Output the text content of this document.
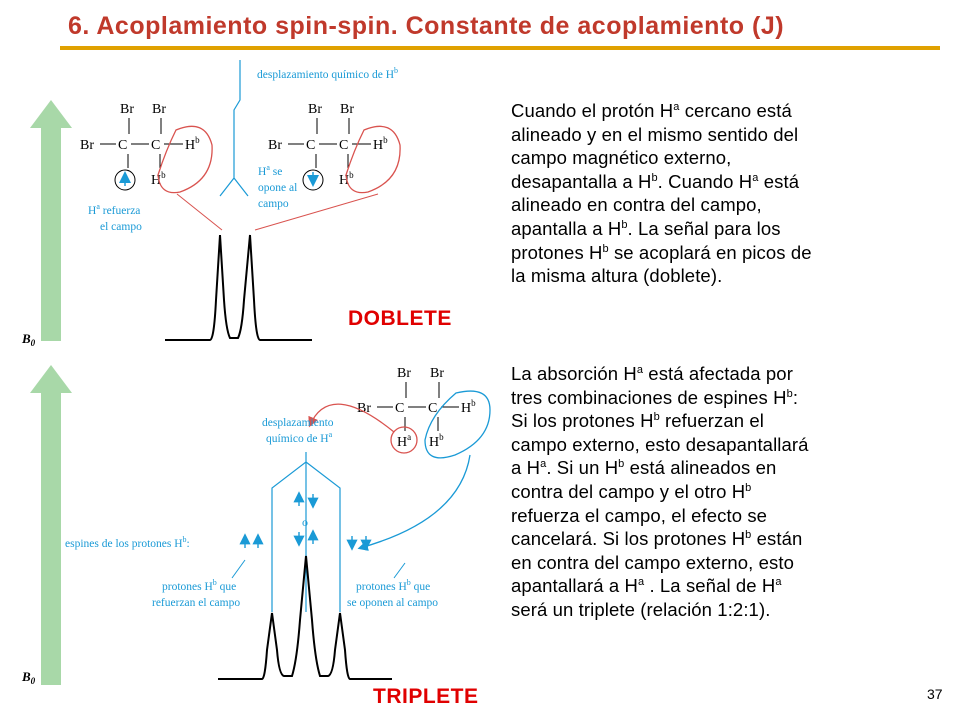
6. Acoplamiento spin-spin. Constante de acoplamiento (J)
$B_0$
$B_0$
Br Br
Br C C $H^b$
$H^b$
$H^a$ refuerza
el campo
Br Br
Br C C $H^b$
$H^b$
$H^a$ se
opone al
campo
desplazamiento químico de $H^b$
Br Br
Br C C $H^b$
$H^a$ $H^b$
desplazamiento
químico de $H^a$
o
espines de los protones $H^b$:
protones $H^b$ que
refuerzan el campo
protones $H^b$ que
se oponen al campo
DOBLETE
TRIPLETE
Cuando el protón $H^a$ cercano está
alineado y en el mismo sentido del
campo magnético externo,
desapantalla a $H^b$. Cuando $H^a$ está
alineado en contra del campo,
apantalla a $H^b$. La señal para los
protones $H^b$ se acoplará en picos de
la misma altura (doblete).
La absorción $H^a$ está afectada por
tres combinaciones de espines $H^b$:
Si los protones $H^b$ refuerzan el
campo externo, esto desapantallará
a $H^a$. Si un $H^b$ está alineados en
contra del campo y el otro $H^b$
refuerza el campo, el efecto se
cancelará. Si los protones $H^b$ están
en contra del campo externo, esto
apantallará a $H^a$ . La señal de $H^a$
será un triplete (relación 1:2:1).
37
